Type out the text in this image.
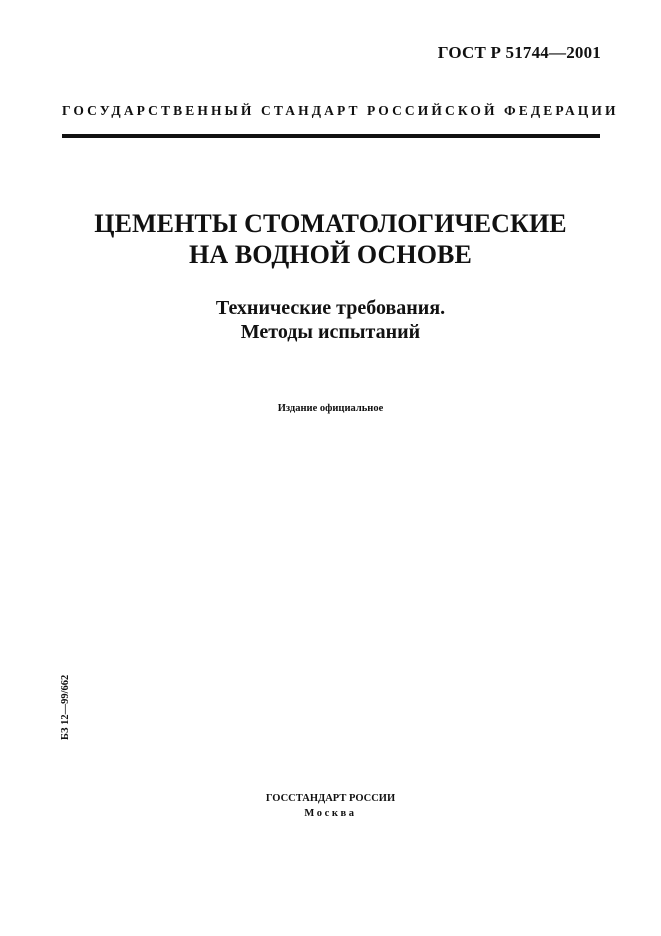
ГОСТ Р 51744—2001
ГОСУДАРСТВЕННЫЙ СТАНДАРТ РОССИЙСКОЙ ФЕДЕРАЦИИ
ЦЕМЕНТЫ СТОМАТОЛОГИЧЕСКИЕ
НА ВОДНОЙ ОСНОВЕ
Технические требования.
Методы испытаний
Издание официальное
БЗ 12—99/662
ГОССТАНДАРТ РОССИИ
Москва
